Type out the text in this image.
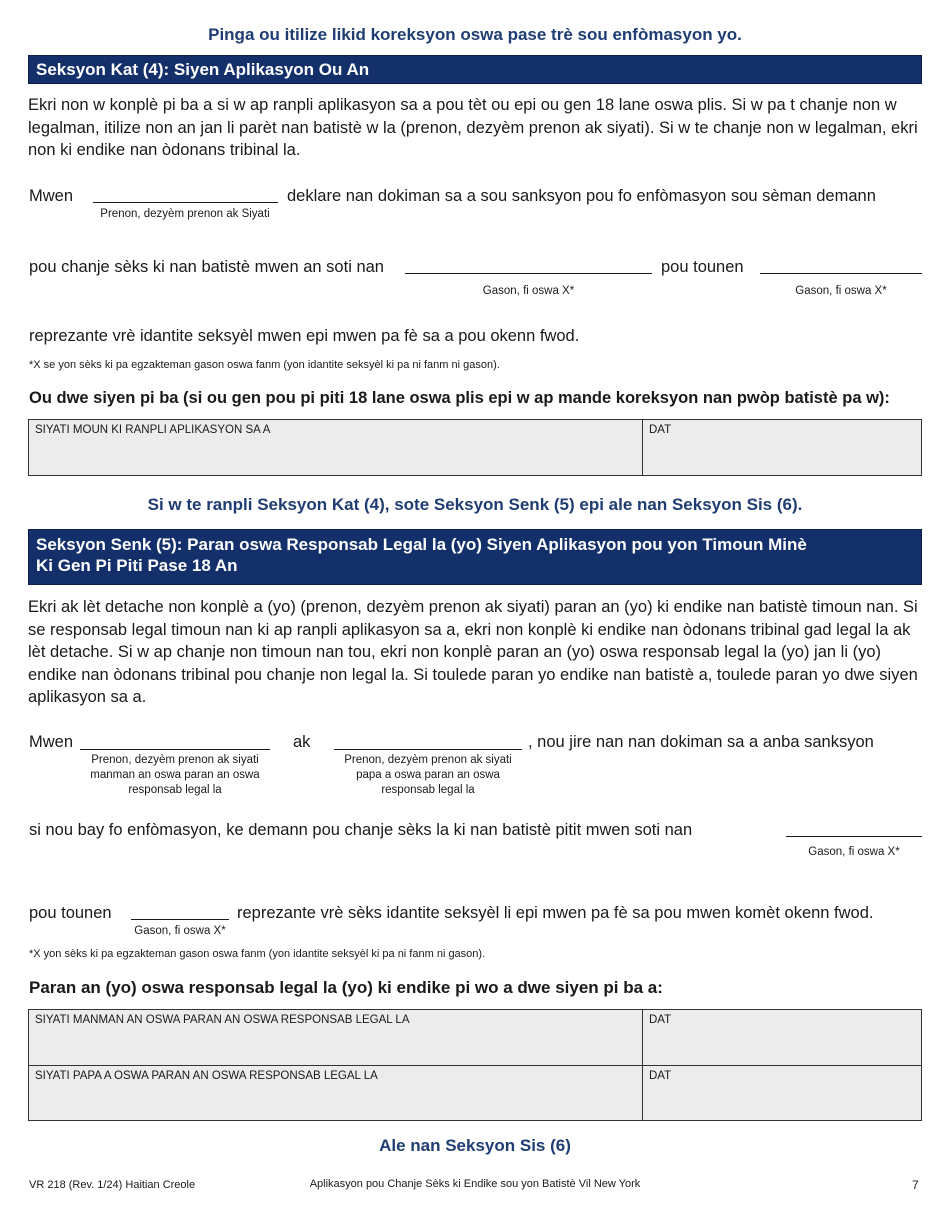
Pinga ou itilize likid koreksyon oswa pase trè sou enfòmasyon yo.
Seksyon Kat (4): Siyen Aplikasyon Ou An
Ekri non w konplè pi ba a si w ap ranpli aplikasyon sa a pou tèt ou epi ou gen 18 lane oswa plis. Si w pa t chanje non w legalman, itilize non an jan li parèt nan batistè w la (prenon, dezyèm prenon ak siyati). Si w te chanje non w legalman, ekri non ki endike nan òdonans tribinal la.
Mwen
Prenon, dezyèm prenon ak Siyati
deklare nan dokiman sa a sou sanksyon pou fo enfòmasyon sou sèman demann
pou chanje sèks ki nan batistè mwen an soti nan
Gason, fi oswa X*
pou tounen
Gason, fi oswa X*
reprezante vrè idantite seksyèl mwen epi mwen pa fè sa a pou okenn fwod.
*X se yon sèks ki pa egzakteman gason oswa fanm (yon idantite seksyèl ki pa ni fanm ni gason).
Ou dwe siyen pi ba (si ou gen pou pi piti 18 lane oswa plis epi w ap mande koreksyon nan pwòp batistè pa w):
SIYATI MOUN KI RANPLI APLIKASYON SA A	DAT
Si w te ranpli Seksyon Kat (4), sote Seksyon Senk (5) epi ale nan Seksyon Sis (6).
Seksyon Senk (5): Paran oswa Responsab Legal la (yo) Siyen Aplikasyon pou yon Timoun Minè
Ki Gen Pi Piti Pase 18 An
Ekri ak lèt detache non konplè a (yo) (prenon, dezyèm prenon ak siyati) paran an (yo) ki endike nan batistè timoun nan. Si se responsab legal timoun nan ki ap ranpli aplikasyon sa a, ekri non konplè ki endike nan òdonans tribinal gad legal la ak lèt detache. Si w ap chanje non timoun nan tou, ekri non konplè paran an (yo) oswa responsab legal la (yo) jan li (yo) endike nan òdonans tribinal pou chanje non legal la. Si toulede paran yo endike nan batistè a, toulede paran yo dwe siyen aplikasyon sa a.
Mwen
Prenon, dezyèm prenon ak siyati manman an oswa paran an oswa responsab legal la
ak
Prenon, dezyèm prenon ak siyati papa a oswa paran an oswa responsab legal la
, nou jire nan nan dokiman sa a anba sanksyon
si nou bay fo enfòmasyon, ke demann pou chanje sèks la ki nan batistè pitit mwen soti nan
Gason, fi oswa X*
pou tounen
Gason, fi oswa X*
reprezante vrè sèks idantite seksyèl li epi mwen pa fè sa pou mwen komèt okenn fwod.
*X yon sèks ki pa egzakteman gason oswa fanm (yon idantite seksyèl ki pa ni fanm ni gason).
Paran an (yo) oswa responsab legal la (yo) ki endike pi wo a dwe siyen pi ba a:
SIYATI MANMAN AN OSWA PARAN AN OSWA RESPONSAB LEGAL LA	DAT
SIYATI PAPA A OSWA PARAN AN OSWA RESPONSAB LEGAL LA	DAT
Ale nan Seksyon Sis (6)
VR 218 (Rev. 1/24) Haitian Creole	Aplikasyon pou Chanje Sèks ki Endike sou yon Batistè Vil New York	7
